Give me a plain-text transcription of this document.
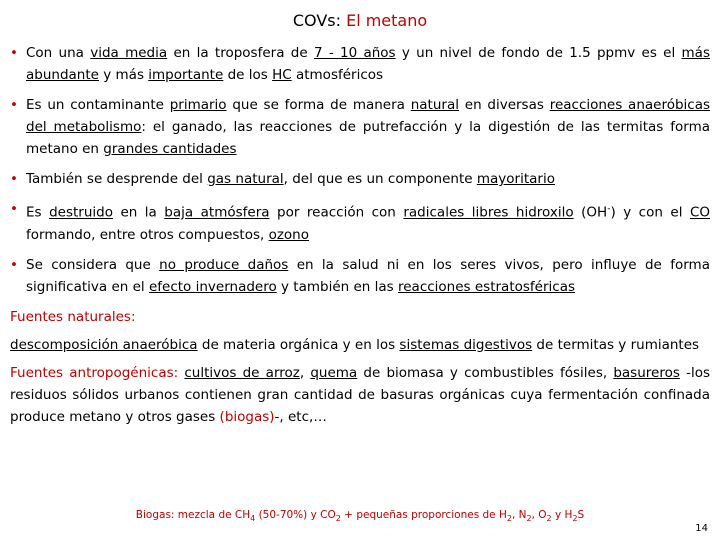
COVs: El metano
• Con una vida media en la troposfera de 7 - 10 años y un nivel de fondo de 1.5 ppmv es el más abundante y más importante de los HC atmosféricos
• Es un contaminante primario que se forma de manera natural en diversas reacciones anaeróbicas del metabolismo: el ganado, las reacciones de putrefacción y la digestión de las termitas forma metano en grandes cantidades
• También se desprende del gas natural, del que es un componente mayoritario
• Es destruido en la baja atmósfera por reacción con radicales libres hidroxilo (OH-) y con el CO formando, entre otros compuestos, ozono
• Se considera que no produce daños en la salud ni en los seres vivos, pero influye de forma significativa en el efecto invernadero y también en las reacciones estratosféricas
Fuentes naturales:
descomposición anaeróbica de materia orgánica y en los sistemas digestivos de termitas y rumiantes
Fuentes antropogénicas: cultivos de arroz, quema de biomasa y combustibles fósiles, basureros -los residuos sólidos urbanos contienen gran cantidad de basuras orgánicas cuya fermentación confinada produce metano y otros gases (biogas)-, etc,…
Biogas: mezcla de $CH_4$ (50-70%) y $CO_2$ + pequeñas proporciones de $H_2$, $N_2$, $O_2$ y $H_2S$
14
